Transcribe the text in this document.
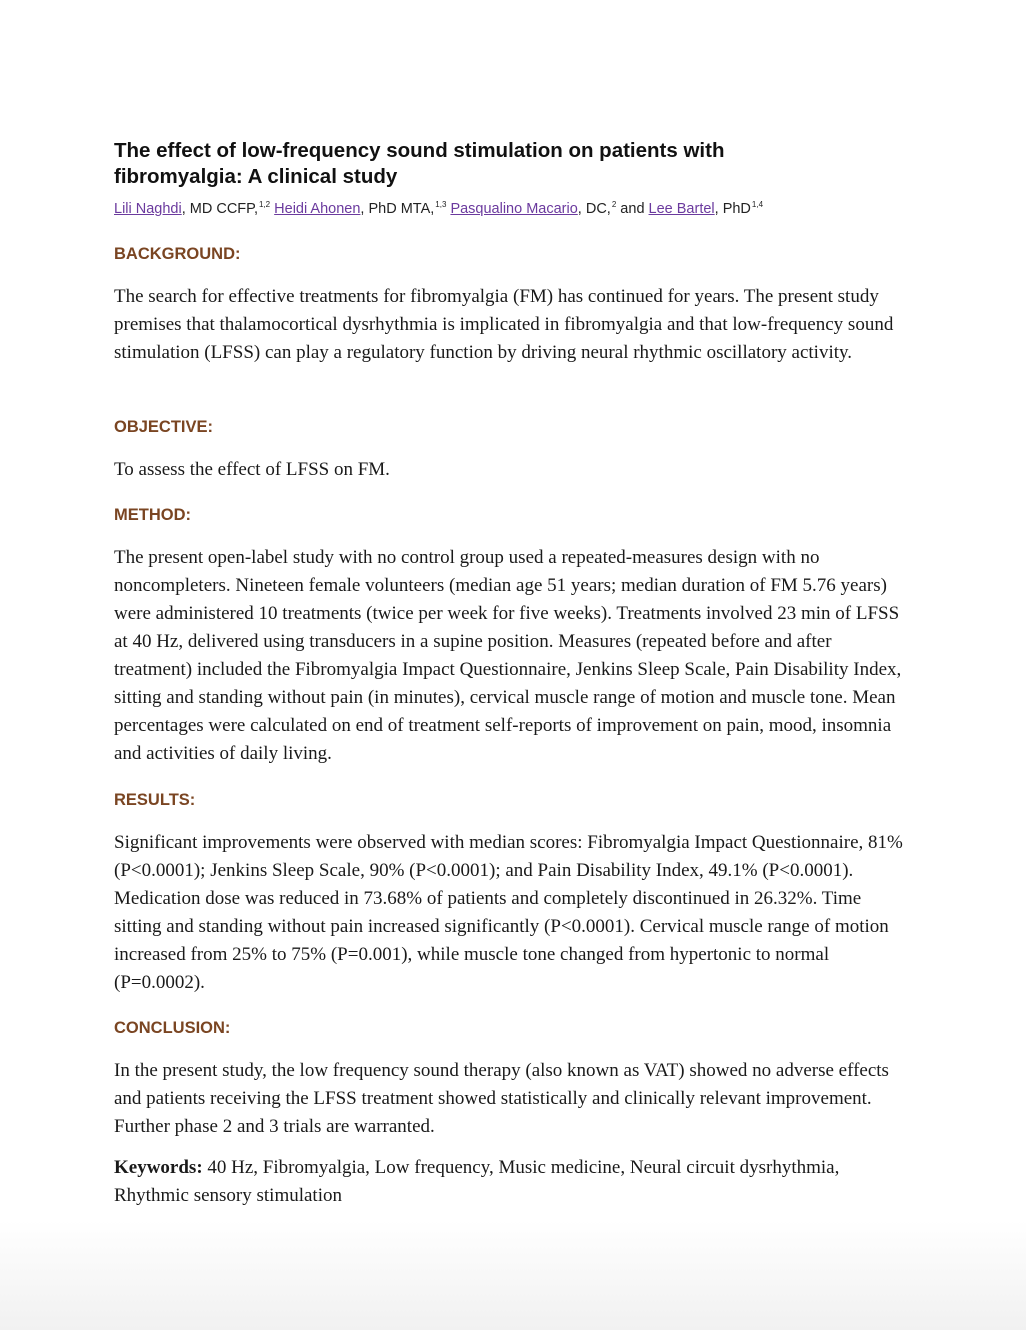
The effect of low-frequency sound stimulation on patients with fibromyalgia: A clinical study
Lili Naghdi, MD CCFP,$^{1,2}$ Heidi Ahonen, PhD MTA,$^{1,3}$ Pasqualino Macario, DC,$^2$ and Lee Bartel, PhD$^{1,4}$
BACKGROUND:

The search for effective treatments for fibromyalgia (FM) has continued for years. The present study premises that thalamocortical dysrhythmia is implicated in fibromyalgia and that low-frequency sound stimulation (LFSS) can play a regulatory function by driving neural rhythmic oscillatory activity.

OBJECTIVE:

To assess the effect of LFSS on FM.

METHOD:

The present open-label study with no control group used a repeated-measures design with no noncompleters. Nineteen female volunteers (median age 51 years; median duration of FM 5.76 years) were administered 10 treatments (twice per week for five weeks). Treatments involved 23 min of LFSS at 40 Hz, delivered using transducers in a supine position. Measures (repeated before and after treatment) included the Fibromyalgia Impact Questionnaire, Jenkins Sleep Scale, Pain Disability Index, sitting and standing without pain (in minutes), cervical muscle range of motion and muscle tone. Mean percentages were calculated on end of treatment self-reports of improvement on pain, mood, insomnia and activities of daily living.

RESULTS:

Significant improvements were observed with median scores: Fibromyalgia Impact Questionnaire, 81% (P<0.0001); Jenkins Sleep Scale, 90% (P<0.0001); and Pain Disability Index, 49.1% (P<0.0001). Medication dose was reduced in 73.68% of patients and completely discontinued in 26.32%. Time sitting and standing without pain increased significantly (P<0.0001). Cervical muscle range of motion increased from 25% to 75% (P=0.001), while muscle tone changed from hypertonic to normal (P=0.0002).

CONCLUSION:

In the present study, the low frequency sound therapy (also known as VAT) showed no adverse effects and patients receiving the LFSS treatment showed statistically and clinically relevant improvement. Further phase 2 and 3 trials are warranted.

Keywords: 40 Hz, Fibromyalgia, Low frequency, Music medicine, Neural circuit dysrhythmia, Rhythmic sensory stimulation
